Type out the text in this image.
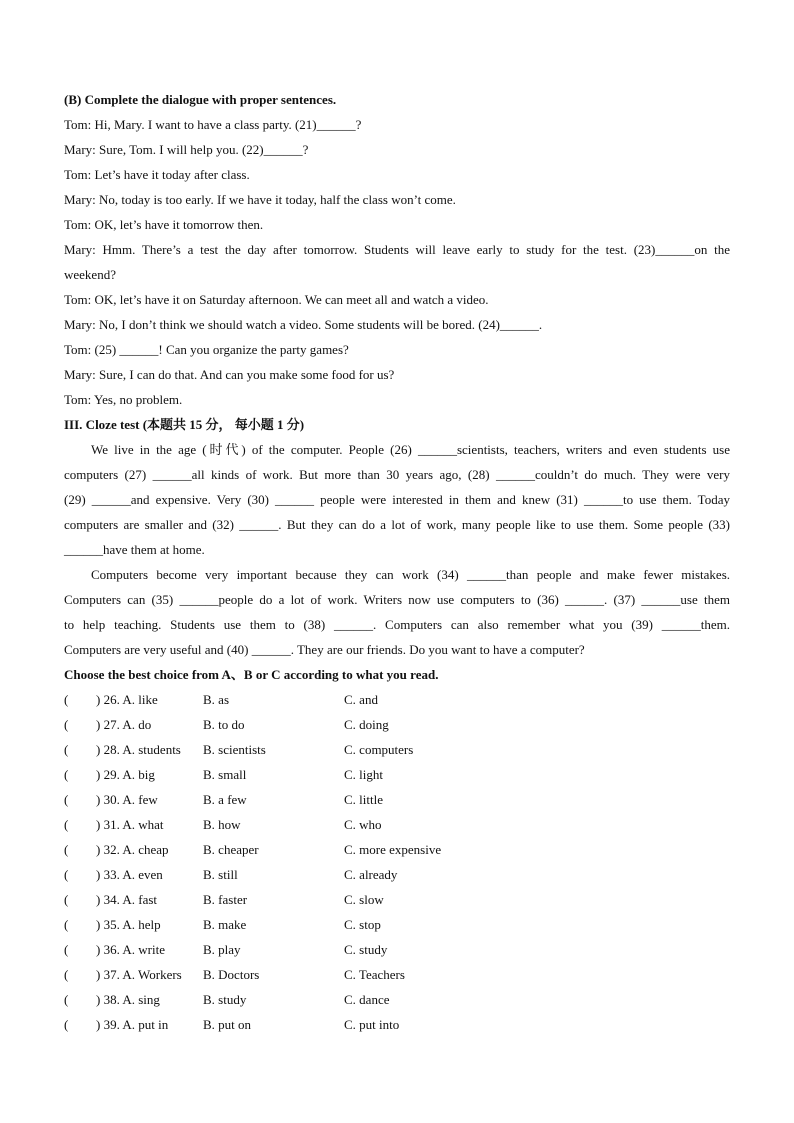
(B) Complete the dialogue with proper sentences.
Tom: Hi, Mary. I want to have a class party. (21)______?
Mary: Sure, Tom. I will help you. (22)______?
Tom: Let’s have it today after class.
Mary: No, today is too early. If we have it today, half the class won’t come.
Tom: OK, let’s have it tomorrow then.
Mary: Hmm. There’s a test the day after tomorrow. Students will leave early to study for the test. (23)______on the
weekend?
Tom: OK, let’s have it on Saturday afternoon. We can meet all and watch a video.
Mary: No, I don’t think we should watch a video. Some students will be bored. (24)______.
Tom: (25) ______! Can you organize the party games?
Mary: Sure, I can do that. And can you make some food for us?
Tom: Yes, no problem.
III. Cloze test (本题共 15 分， 每小题 1 分)
We live in the age (时代) of the computer. People (26) ______scientists, teachers, writers and even students use
computers (27) ______all kinds of work. But more than 30 years ago, (28) ______couldn’t do much. They were very
(29) ______and expensive. Very (30) ______ people were interested in them and knew (31) ______to use them. Today
computers are smaller and (32) ______. But they can do a lot of work, many people like to use them. Some people (33)
______have them at home.
Computers become very important because they can work (34) ______than people and make fewer mistakes.
Computers can (35) ______people do a lot of work. Writers now use computers to (36) ______. (37) ______use them
to help teaching. Students use them to (38) ______. Computers can also remember what you (39) ______them.
Computers are very useful and (40) ______. They are our friends. Do you want to have a computer?
Choose the best choice from A、B or C according to what you read.
( ) 26. A. like	B. as	C. and
( ) 27. A. do	B. to do	C. doing
( ) 28. A. students B. scientists	C. computers
( ) 29. A. big	B. small	C. light
( ) 30. A. few	B. a few	C. little
( ) 31. A. what	B. how	C. who
( ) 32. A. cheap	B. cheaper	C. more expensive
( ) 33. A. even	B. still	C. already
( ) 34. A. fast	B. faster	C. slow
( ) 35. A. help	B. make	C. stop
( ) 36. A. write	B. play	C. study
( ) 37. A. Workers B. Doctors	C. Teachers
( ) 38. A. sing	B. study	C. dance
( ) 39. A. put in	B. put on	C. put into
